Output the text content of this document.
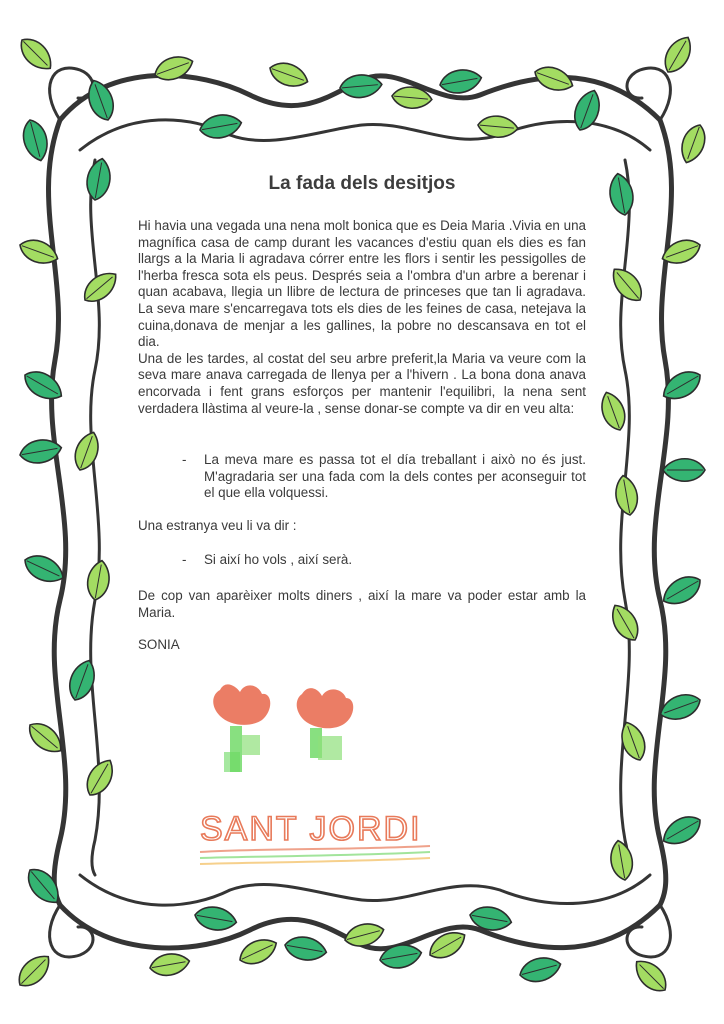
La fada dels desitjos

Hi havia una vegada una nena molt bonica que es Deia Maria .Vivia en una magnífica casa de camp durant les vacances d'estiu quan els dies es fan llargs a la Maria li agradava córrer entre les flors i sentir les pessigolles de l'herba fresca sota els peus. Després seia a l'ombra d'un arbre a berenar i quan acabava, llegia un llibre de lectura de princeses que tan li agradava. La seva mare s'encarregava tots els dies de les feines de casa, netejava la cuina,donava de menjar a les gallines, la pobre no descansava en tot el dia.

Una de les tardes, al costat del seu arbre preferit,la Maria va veure com la seva mare anava carregada de llenya per a l'hivern . La bona dona anava encorvada i fent grans esforços per mantenir l'equilibri, la nena sent verdadera llàstima al veure-la , sense donar-se compte va dir en veu alta:

-	La meva mare es passa tot el día treballant i això no és just. M'agradaria ser una fada com la dels contes per aconseguir tot el que ella volquessi.
Una estranya veu li va dir :
-	Si així ho vols , així serà.
De cop van aparèixer molts diners , així la mare va poder estar amb la Maria.
SONIA
SANT JORDI
